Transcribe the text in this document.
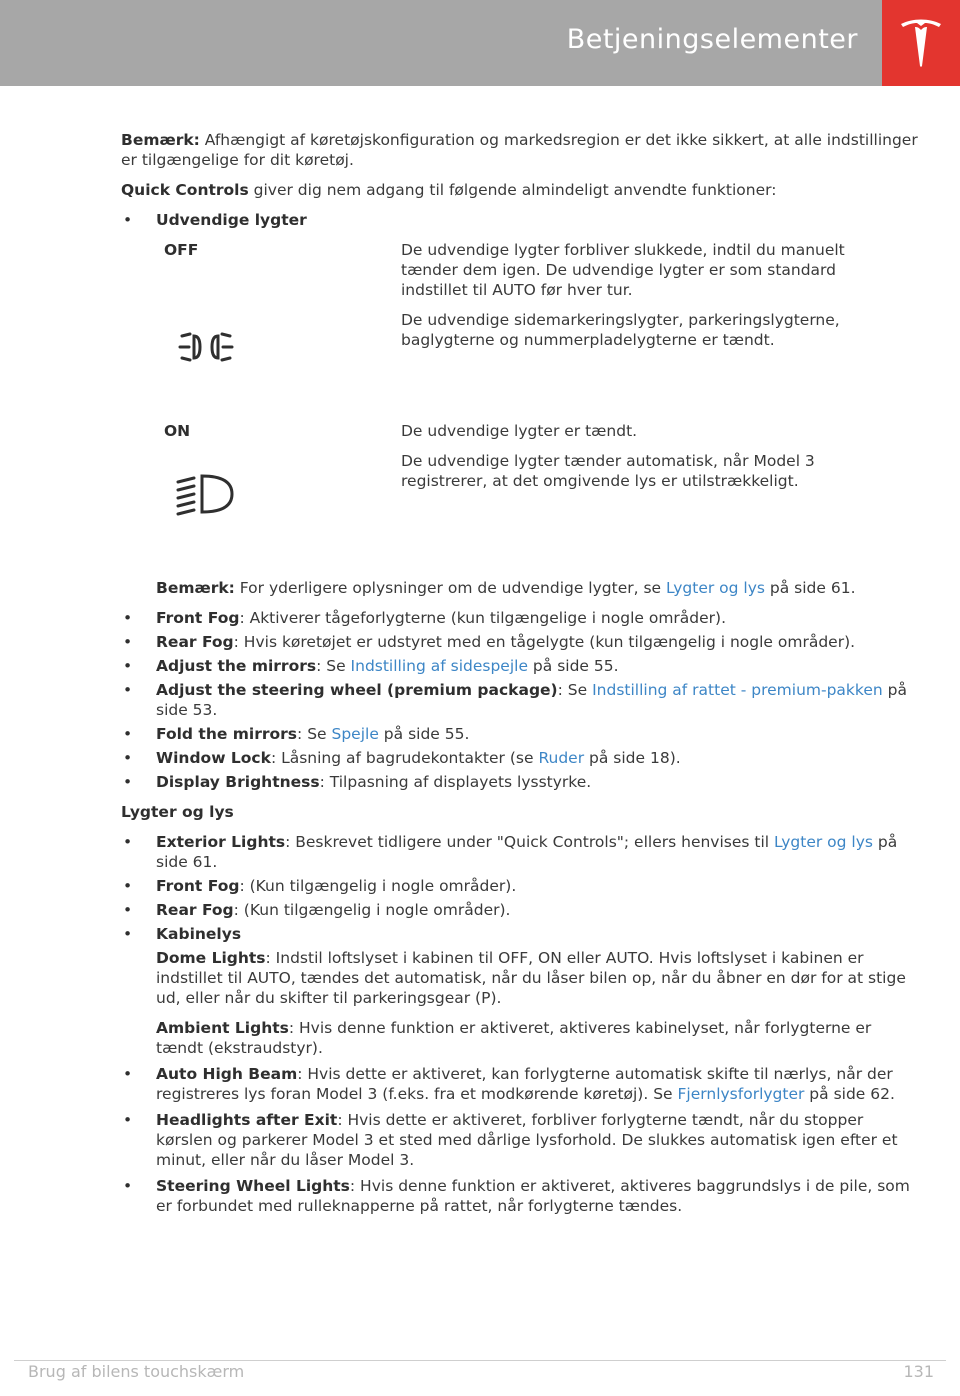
Betjeningselementer

Bemærk: Afhængigt af køretøjskonfiguration og markedsregion er det ikke sikkert, at alle indstillinger er tilgængelige for dit køretøj.

Quick Controls giver dig nem adgang til følgende almindeligt anvendte funktioner:

• Udvendige lygter
OFF	De udvendige lygter forbliver slukkede, indtil du manuelt tænder dem igen. De udvendige lygter er som standard indstillet til AUTO før hver tur.
De udvendige sidemarkeringslygter, parkeringslygterne, baglygterne og nummerpladelygterne er tændt.
ON	De udvendige lygter er tændt.
De udvendige lygter tænder automatisk, når Model 3 registrerer, at det omgivende lys er utilstrækkeligt.

Bemærk: For yderligere oplysninger om de udvendige lygter, se Lygter og lys på side 61.

• Front Fog: Aktiverer tågeforlygterne (kun tilgængelige i nogle områder).
• Rear Fog: Hvis køretøjet er udstyret med en tågelygte (kun tilgængelig i nogle områder).
• Adjust the mirrors: Se Indstilling af sidespejle på side 55.
• Adjust the steering wheel (premium package): Se Indstilling af rattet - premium-pakken på side 53.
• Fold the mirrors: Se Spejle på side 55.
• Window Lock: Låsning af bagrudekontakter (se Ruder på side 18).
• Display Brightness: Tilpasning af displayets lysstyrke.

Lygter og lys

• Exterior Lights: Beskrevet tidligere under "Quick Controls"; ellers henvises til Lygter og lys på side 61.
• Front Fog: (Kun tilgængelig i nogle områder).
• Rear Fog: (Kun tilgængelig i nogle områder).
• Kabinelys

Dome Lights: Indstil loftslyset i kabinen til OFF, ON eller AUTO. Hvis loftslyset i kabinen er indstillet til AUTO, tændes det automatisk, når du låser bilen op, når du åbner en dør for at stige ud, eller når du skifter til parkeringsgear (P).

Ambient Lights: Hvis denne funktion er aktiveret, aktiveres kabinelyset, når forlygterne er tændt (ekstraudstyr).

• Auto High Beam: Hvis dette er aktiveret, kan forlygterne automatisk skifte til nærlys, når der registreres lys foran Model 3 (f.eks. fra et modkørende køretøj). Se Fjernlysforlygter på side 62.
• Headlights after Exit: Hvis dette er aktiveret, forbliver forlygterne tændt, når du stopper kørslen og parkerer Model 3 et sted med dårlige lysforhold. De slukkes automatisk igen efter et minut, eller når du låser Model 3.
• Steering Wheel Lights: Hvis denne funktion er aktiveret, aktiveres baggrundslys i de pile, som er forbundet med rulleknapperne på rattet, når forlygterne tændes.
Brug af bilens touchskærm	131
